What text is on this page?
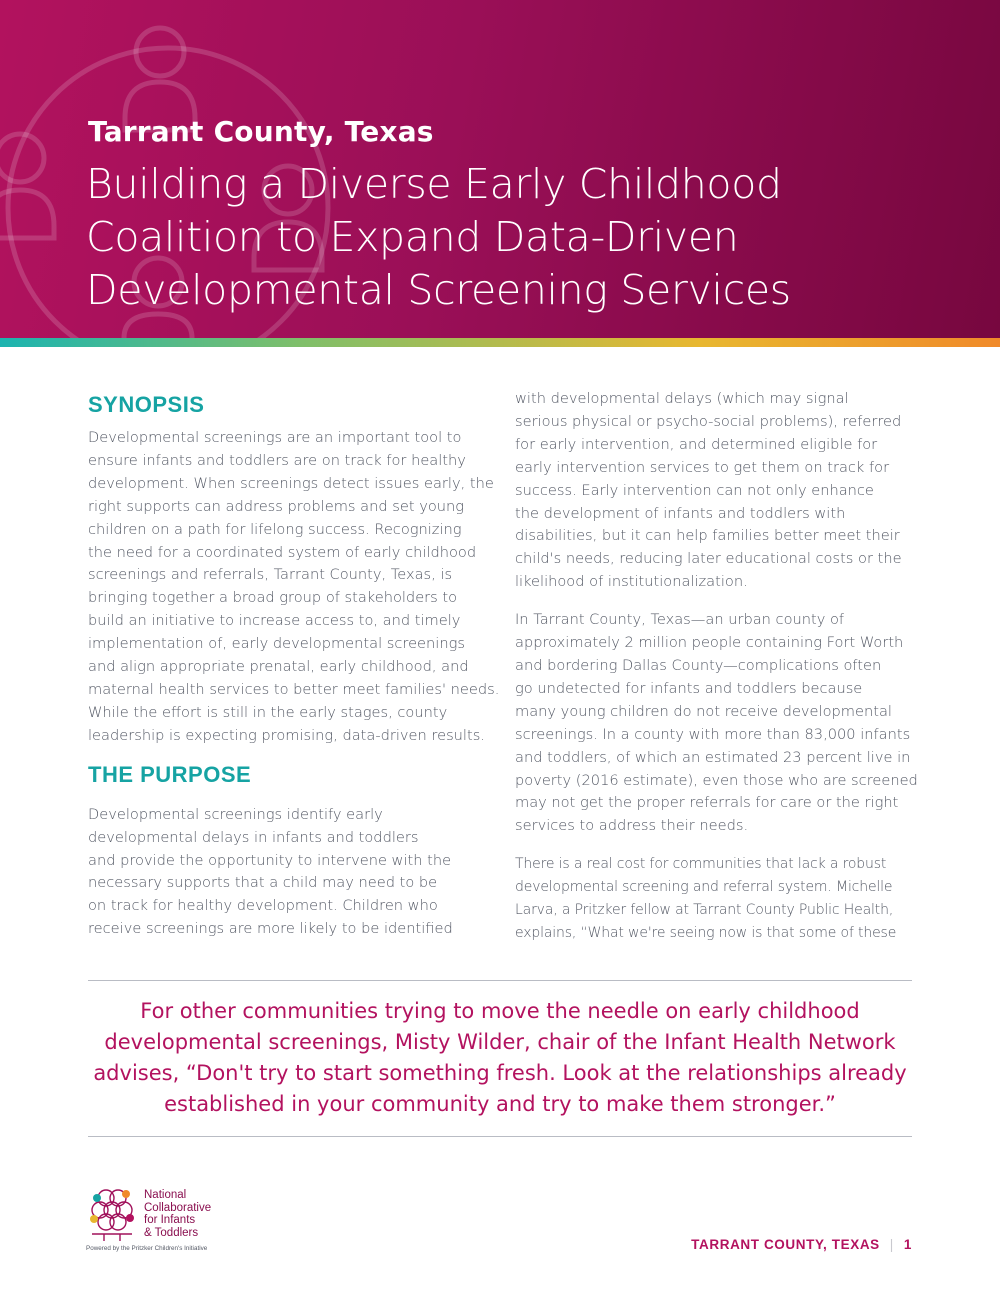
Tarrant County, Texas
Building a Diverse Early Childhood
Coalition to Expand Data-Driven
Developmental Screening Services
SYNOPSIS
Developmental screenings are an important tool to
ensure infants and toddlers are on track for healthy
development. When screenings detect issues early, the
right supports can address problems and set young
children on a path for lifelong success. Recognizing
the need for a coordinated system of early childhood
screenings and referrals, Tarrant County, Texas, is
bringing together a broad group of stakeholders to
build an initiative to increase access to, and timely
implementation of, early developmental screenings
and align appropriate prenatal, early childhood, and
maternal health services to better meet families' needs.
While the effort is still in the early stages, county
leadership is expecting promising, data-driven results.
THE PURPOSE
Developmental screenings identify early
developmental delays in infants and toddlers
and provide the opportunity to intervene with the
necessary supports that a child may need to be
on track for healthy development. Children who
receive screenings are more likely to be identified
with developmental delays (which may signal
serious physical or psycho-social problems), referred
for early intervention, and determined eligible for
early intervention services to get them on track for
success. Early intervention can not only enhance
the development of infants and toddlers with
disabilities, but it can help families better meet their
child's needs, reducing later educational costs or the
likelihood of institutionalization.
In Tarrant County, Texas—an urban county of
approximately 2 million people containing Fort Worth
and bordering Dallas County—complications often
go undetected for infants and toddlers because
many young children do not receive developmental
screenings. In a county with more than 83,000 infants
and toddlers, of which an estimated 23 percent live in
poverty (2016 estimate), even those who are screened
may not get the proper referrals for care or the right
services to address their needs.
There is a real cost for communities that lack a robust
developmental screening and referral system. Michelle
Larva, a Pritzker fellow at Tarrant County Public Health,
explains, “What we're seeing now is that some of these
For other communities trying to move the needle on early childhood
developmental screenings, Misty Wilder, chair of the Infant Health Network
advises, “Don't try to start something fresh. Look at the relationships already
established in your community and try to make them stronger.”
National
Collaborative
for Infants
& Toddlers
Powered by the Pritzker Children's Initiative	TARRANT COUNTY, TEXAS | 1
